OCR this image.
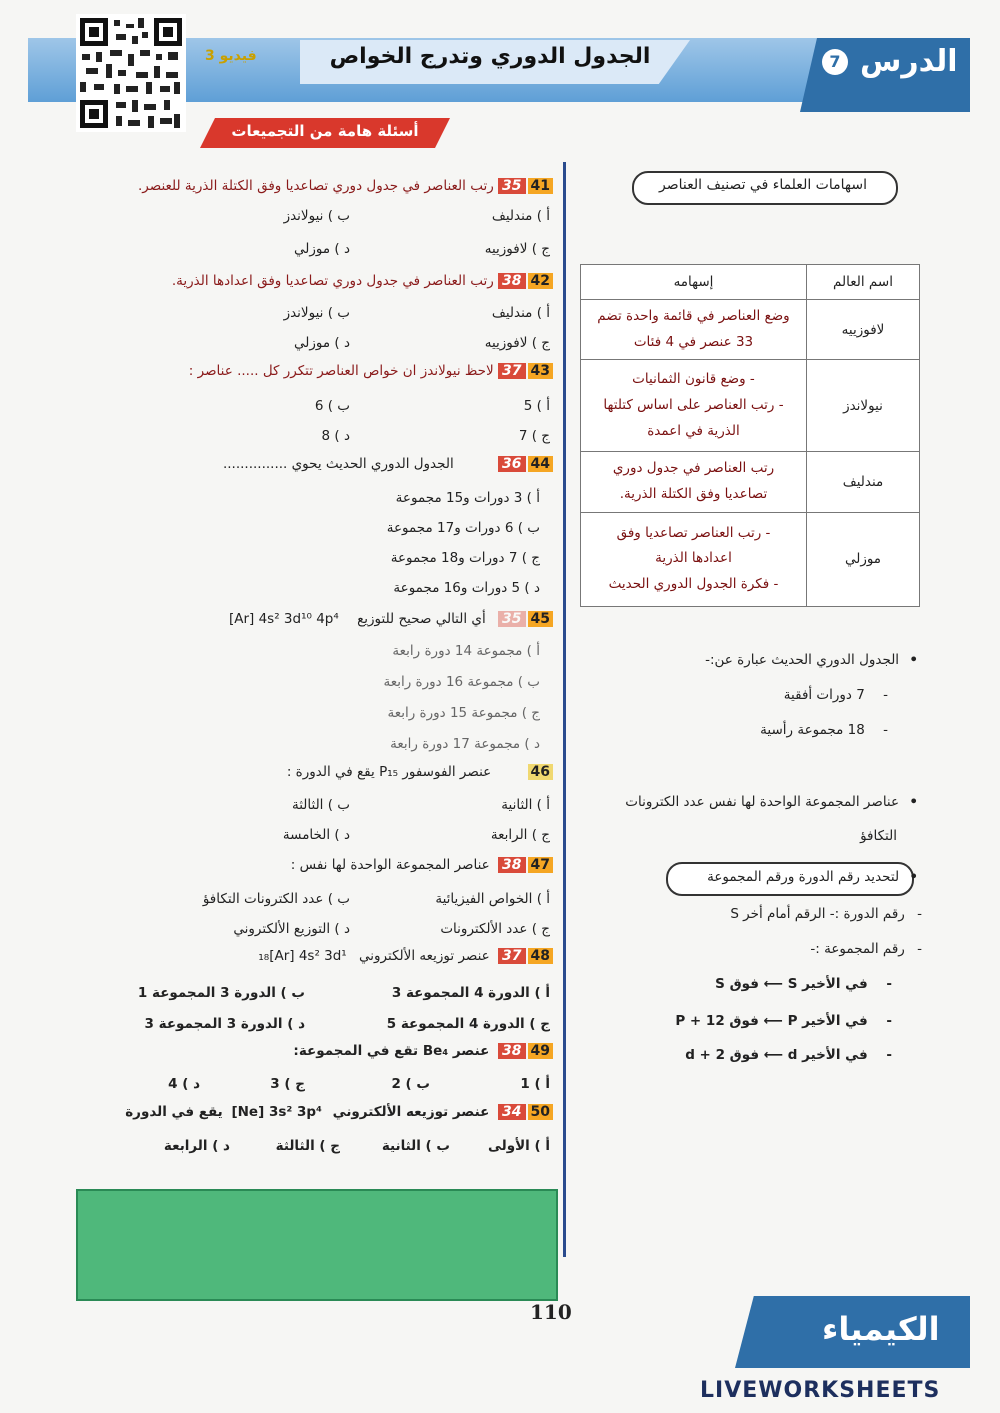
الجدول الدوري وتدرج الخواص
فيديو 3	الدرس
7
أسئلة هامة من التجميعات
4135 رتب العناصر في جدول دوري تصاعديا وفق الكتلة الذرية للعنصر.
أ ) مندليف
ب ) نيولاندز
ج ) لافوزييه
د ) موزلي
4238 رتب العناصر في جدول دوري تصاعديا وفق اعدادها الذرية.
أ ) مندليف
ب ) نيولاندز
ج ) لافوزييه
د ) موزلي
4337 لاحظ نيولاندز ان خواص العناصر تتكرر كل ..... عناصر :
أ ) 5
ب ) 6
ج ) 7
د ) 8
4436 الجدول الدوري الحديث يحوي ...............
أ ) 3 دورات و15 مجموعة
ب ) 6 دورات و17 مجموعة
ج ) 7 دورات و18 مجموعة
د ) 5 دورات و16 مجموعة
4535 أي التالي صحيح للتوزيع [Ar] 4s² 3d¹⁰ 4p⁴
أ ) مجموعة 14 دورة رابعة
ب ) مجموعة 16 دورة رابعة
ج ) مجموعة 15 دورة رابعة
د ) مجموعة 17 دورة رابعة
46 عنصر الفوسفور P₁₅ يقع في الدورة :
أ ) الثانية
ب ) الثالثة
ج ) الرابعة
د ) الخامسة
4738 عناصر المجموعة الواحدة لها نفس :
أ ) الخواص الفيزيائية
ب ) عدد الكترونات التكافؤ
ج ) عدد الألكترونات
د ) التوزيع الألكتروني
4837 عنصر توزيعه الألكتروني ₁₈[Ar] 4s² 3d¹
أ ) الدورة 4 المجموعة 3
ب ) الدورة 3 المجموعة 1
ج ) الدورة 4 المجموعة 5
د ) الدورة 3 المجموعة 3
4938 عنصر Be₄ تقع في المجموعة:
أ ) 1
ب ) 2
ج ) 3
د ) 4
5034 عنصر توزيعه الألكتروني [Ne] 3s² 3p⁴ يقع في الدورة
أ ) الأولى
ب ) الثانية
ج ) الثالثة
د ) الرابعة
اسهامات العلماء في تصنيف العناصر
اسم العالم	إسهامه
لافوزييه	وضع العناصر في قائمة واحدة تضم
33 عنصر في 4 فئات

نيولاندز	- وضع قانون الثمانيات
- رتب العناصر على اساس كتلتها
الذرية في اعمدة

مندليف	رتب العناصر في جدول دوري
تصاعديا وفق الكتلة الذرية.

موزلي	- رتب العناصر تصاعديا وفق
اعدادها الذرية
- فكرة الجدول الدوري الحديث
• الجدول الدوري الحديث عبارة عن:-
- 7 دورات أفقية
- 18 مجموعة رأسية
• عناصر المجموعة الواحدة لها نفس عدد الكترونات
التكافؤ
• لتحديد رقم الدورة ورقم المجموعة
- رقم الدورة :- الرقم أمام أخر S
- رقم المجموعة :-
- في الأخير S ⟵ فوق S
- في الأخير P ⟵ فوق P + 12
- في الأخير d ⟵ فوق d + 2
110	الكيمياء
LIVEWORKSHEETS
